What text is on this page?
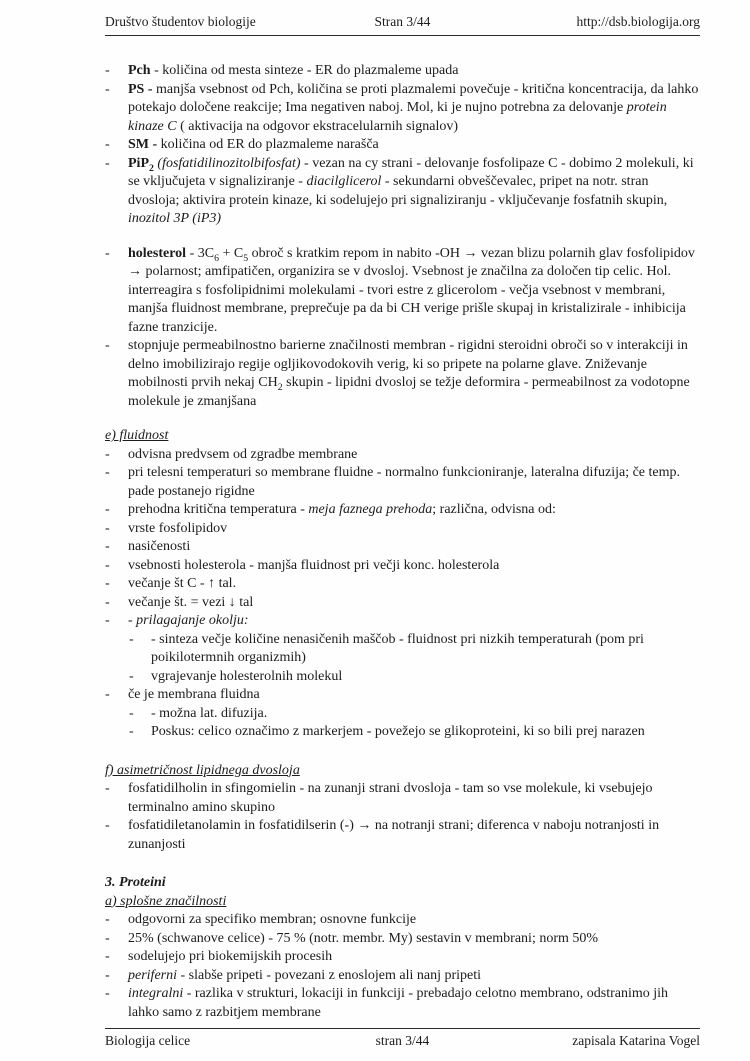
Društvo študentov biologije	Stran 3/44	http://dsb.biologija.org
-	Pch - količina od mesta sinteze - ER do plazmaleme upada
-	PS - manjša vsebnost od Pch, količina se proti plazmalemi povečuje - kritična koncentracija, da lahko potekajo določene reakcije; Ima negativen naboj. Mol, ki je nujno potrebna za delovanje protein kinaze C ( aktivacija na odgovor ekstracelularnih signalov)
-	SM - količina od ER do plazmaleme narašča
-	PiP$_2$ (fosfatidilinozitolbifosfat) - vezan na cy strani - delovanje fosfolipaze C - dobimo 2 molekuli, ki se vključujeta v signaliziranje - diacilglicerol - sekundarni obveščevalec, pripet na notr. stran dvosloja; aktivira protein kinaze, ki sodelujejo pri signaliziranju - vključevanje fosfatnih skupin, inozitol 3P (iP3)
-	holesterol - $3C_6 + C_5$ obroč s kratkim repom in nabito -OH → vezan blizu polarnih glav fosfolipidov → polarnost; amfipatičen, organizira se v dvosloj. Vsebnost je značilna za določen tip celic. Hol. interreagira s fosfolipidnimi molekulami - tvori estre z glicerolom - večja vsebnost v membrani, manjša fluidnost membrane, preprečuje pa da bi CH verige prišle skupaj in kristalizirale - inhibicija fazne tranzicije.
-	stopnjuje permeabilnostno barierne značilnosti membran - rigidni steroidni obroči so v interakciji in delno imobilizirajo regije ogljikovodokovih verig, ki so pripete na polarne glave. Zniževanje mobilnosti prvih nekaj $CH_2$ skupin - lipidni dvosloj se težje deformira - permeabilnost za vodotopne molekule je zmanjšana
e) fluidnost
-	odvisna predvsem od zgradbe membrane
-	pri telesni temperaturi so membrane fluidne - normalno funkcioniranje, lateralna difuzija; če temp. pade postanejo rigidne
-	prehodna kritična temperatura - meja faznega prehoda; različna, odvisna od:
-	vrste fosfolipidov
-	nasičenosti
-	vsebnosti holesterola - manjša fluidnost pri večji konc. holesterola
-	večanje št C - ↑ tal.
-	večanje št. = vezi ↓ tal
-	- prilagajanje okolju:
-	- sinteza večje količine nenasičenih maščob - fluidnost pri nizkih temperaturah (pom pri poikilotermnih organizmih)
-	vgrajevanje holesterolnih molekul
-	če je membrana fluidna
-	- možna lat. difuzija.
-	Poskus: celico označimo z markerjem - povežejo se glikoproteini, ki so bili prej narazen
f) asimetričnost lipidnega dvosloja
-	fosfatidilholin in sfingomielin - na zunanji strani dvosloja - tam so vse molekule, ki vsebujejo terminalno amino skupino
-	fosfatidiletanolamin in fosfatidilserin (-) → na notranji strani; diferenca v naboju notranjosti in zunanjosti
3. Proteini
a) splošne značilnosti
-	odgovorni za specifiko membran; osnovne funkcije
-	25% (schwanove celice) - 75 % (notr. membr. My) sestavin v membrani; norm 50%
-	sodelujejo pri biokemijskih procesih
-	periferni - slabše pripeti - povezani z enoslojem ali nanj pripeti
-	integralni - razlika v strukturi, lokaciji in funkciji - prebadajo celotno membrano, odstranimo jih lahko samo z razbitjem membrane
Biologija celice	stran 3/44	zapisala Katarina Vogel
